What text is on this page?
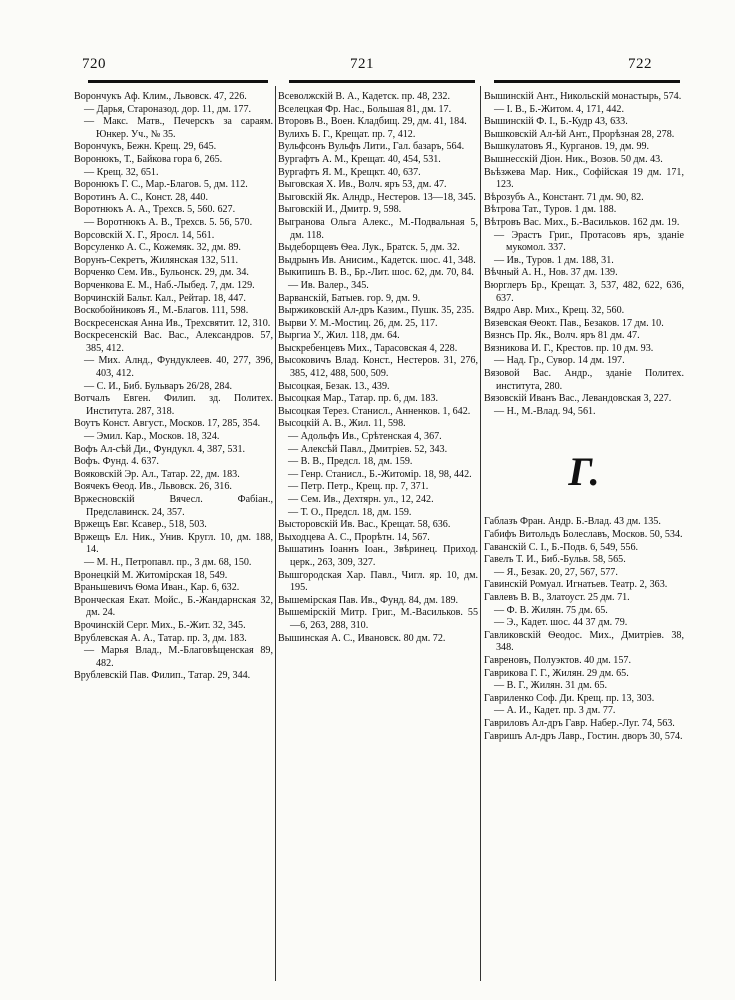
720	721	722

Ворончукъ Аф. Клим., Львовск. 47, 226.

— Дарья, Староназод. дор. 11, дм. 177.

— Макс. Матв., Печерскъ за сараям. Юнкер. Уч., № 35.

Ворончукъ, Бежн. Крещ. 29, 645.

Воронюкъ, Т., Байкова гора 6, 265.

— Крещ. 32, 651.

Воронюкъ Г. С., Мар.-Благов. 5, дм. 112.

Воротинъ А. С., Конст. 28, 440.

Воротнюкъ А. А., Трехсв. 5, 560. 627.

— Воротнюкъ А. В., Трехсв. 5. 56, 570.

Ворсовскій Х. Г., Яросл. 14, 561.

Ворсуленко А. С., Кожемяк. 32, дм. 89.

Ворунъ-Секретъ, Жилянская 132, 511.

Ворченко Сем. Ив., Бульонск. 29, дм. 34.

Ворченкова Е. М., Наб.-Лыбед. 7, дм. 129.

Ворчинскій Бальт. Кал., Рейтар. 18, 447.

Воскобойниковъ Я., М.-Благов. 111, 598.

Воскресенская Анна Ив., Трехсвятит. 12, 310.

Воскресенскій Вас. Вас., Александров. 57, 385, 412.

— Мих. Алнд., Фундуклеев. 40, 277, 396, 403, 412.

— С. И., Биб. Бульваръ 26/28, 284.

Вотчалъ Евген. Филип. зд. Политех. Института. 287, 318.

Воутъ Конст. Август., Москов. 17, 285, 354.

— Эмил. Кар., Москов. 18, 324.

Вофъ Ал-сѣй Ди., Фундукл. 4, 387, 531.

Вофъ. Фунд. 4. 637.

Вояковскій Эр. Ал., Татар. 22, дм. 183.

Воячекъ Ѳеод. Ив., Львовск. 26, 316.

Вржесновскій Вячесл. Фабіан., Предславинск. 24, 357.

Вржещъ Евг. Ксавер., 518, 503.

Вржещъ Ел. Ник., Унив. Кругл. 10, дм. 188, 14.

— М. Н., Петропавл. пр., 3 дм. 68, 150.

Вронецкій М. Житомірская 18, 549.

Враньшевичъ Ѳома Иван., Кар. 6, 632.

Вронческая Екат. Мойс., Б.-Жандарнская 32, дм. 24.

Врочинскій Серг. Мих., Б.-Жит. 32, 345.

Врублевская А. А., Татар. пр. 3, дм. 183.

— Марья Влад., М.-Благовѣщенская 89, 482.

Врублевскій Пав. Филип., Татар. 29, 344.

Всеволжскій В. А., Кадетск. пр. 48, 232.

Вселецкая Фр. Нас., Большая 81, дм. 17.

Второвъ В., Воен. Кладбищ. 29, дм. 41, 184.

Вулихъ Б. Г., Крещат. пр. 7, 412.

Вульфсонъ Вульфъ Лити., Гал. базаръ, 564.

Вургафтъ А. М., Крещат. 40, 454, 531.

Вургафтъ Я. М., Крещкт. 40, 637.

Выговская Х. Ив., Волч. яръ 53, дм. 47.

Выговскій Як. Алндр., Нестеров. 13—18, 345.

Выговскій И., Дмитр. 9, 598.

Выгранова Ольга Алекс., М.-Подвальная 5, дм. 118.

Выдеборщевъ Ѳеа. Лук., Братск. 5, дм. 32.

Выдрынъ Ив. Анисим., Кадетск. шос. 41, 348.

Выкипишъ В. В., Бр.-Лит. шос. 62, дм. 70, 84.

— Ив. Валер., 345.

Варванскій, Батыев. гор. 9, дм. 9.

Выржиковскій Ал-дръ Казим., Пушк. 35, 235.

Вырви У. М.-Мостиц. 26, дм. 25, 117.

Выргиа У., Жил. 118, дм. 64.

Выскребенцевъ Мих., Тарасовская 4, 228.

Высоковичъ Влад. Конст., Нестеров. 31, 276, 385, 412, 488, 500, 509.

Высоцкая, Безак. 13., 439.

Высоцкая Мар., Татар. пр. 6, дм. 183.

Высоцкая Терез. Станисл., Анненков. 1, 642.

Высоцкій А. В., Жил. 11, 598.

— Адольфъ Ив., Срѣтенская 4, 367.

— Алексѣй Павл., Дмитріев. 52, 343.

— В. В., Предсл. 18, дм. 159.

— Генр. Станисл., Б.-Житомір. 18, 98, 442.

— Петр. Петр., Крещ. пр. 7, 371.

— Сем. Ив., Дехтярн. ул., 12, 242.

— Т. О., Предсл. 18, дм. 159.

Высторовскій Ив. Вас., Крещат. 58, 636.

Выходцева А. С., Прорѣтн. 14, 567.

Вышатинъ Іоаннъ Іоан., Звѣринец. Приход. церк., 263, 309, 327.

Вышгородская Хар. Павл., Чигл. яр. 10, дм. 195.

Вышемірская Пав. Ив., Фунд. 84, дм. 189.

Вышемірскій Митр. Григ., М.-Васильков. 55—6, 263, 288, 310.

Вышинская А. С., Ивановск. 80 дм. 72.

Вышинскій Ант., Никольскій монастырь, 574.

— І. В., Б.-Житом. 4, 171, 442.

Вышинскій Ф. І., Б.-Кудр 43, 633.

Вышковскій Ал-ѣй Ант., Прорѣзная 28, 278.

Вышкулатовъ Я., Курганов. 19, дм. 99.

Вышнесскій Діон. Ник., Возов. 50 дм. 43.

Вьѣзжева Мар. Ник., Софійская 19 дм. 171, 123.

Вѣрозубъ А., Констант. 71 дм. 90, 82.

Вѣтрова Тат., Туров. 1 дм. 188.

Вѣтровъ Вас. Мих., Б.-Васильков. 162 дм. 19.

— Эрастъ Григ., Протасовъ яръ, зданіе мукомол. 337.

— Ив., Туров. 1 дм. 188, 31.

Вѣчный А. Н., Нов. 37 дм. 139.

Вюрглеръ Бр., Крещат. 3, 537, 482, 622, 636, 637.

Вядро Авр. Мих., Крещ. 32, 560.

Вязевская Ѳеокт. Пав., Безаков. 17 дм. 10.

Вязнсъ Пр. Як., Волч. яръ 81 дм. 47.

Вязникова И. Г., Крестов. пр. 10 дм. 93.

— Над. Гр., Сувор. 14 дм. 197.

Вязовой Вас. Андр., зданіе Политех. института, 280.

Вязовскій Иванъ Вас., Левандовская 3, 227.

— Н., М.-Влад. 94, 561.

Г.

Габлазъ Фран. Андр. Б.-Влад. 43 дм. 135.

Габифъ Витольдъ Болеславъ, Москов. 50, 534.

Гаванскій С. І., Б.-Подв. 6, 549, 556.

Гавелъ Т. И., Биб.-Бульв. 58, 565.

— Я., Безак. 20, 27, 567, 577.

Гавинскій Ромуал. Игнатьев. Театр. 2, 363.

Гавлевъ В. В., Златоуст. 25 дм. 71.

— Ф. В. Жилян. 75 дм. 65.

— Э., Кадет. шос. 44 37 дм. 79.

Гавликовскій Ѳеодос. Мих., Дмитріев. 38, 348.

Гавреновъ, Полуэктов. 40 дм. 157.

Гаврикова Г. Г., Жилян. 29 дм. 65.

— В. Г., Жилян. 31 дм. 65.

Гавриленко Соф. Ди. Крещ. пр. 13, 303.

— А. И., Кадет. пр. 3 дм. 77.

Гавриловъ Ал-дръ Гавр. Набер.-Луг. 74, 563.

Гавришъ Ал-дръ Лавр., Гостин. дворъ 30, 574.
